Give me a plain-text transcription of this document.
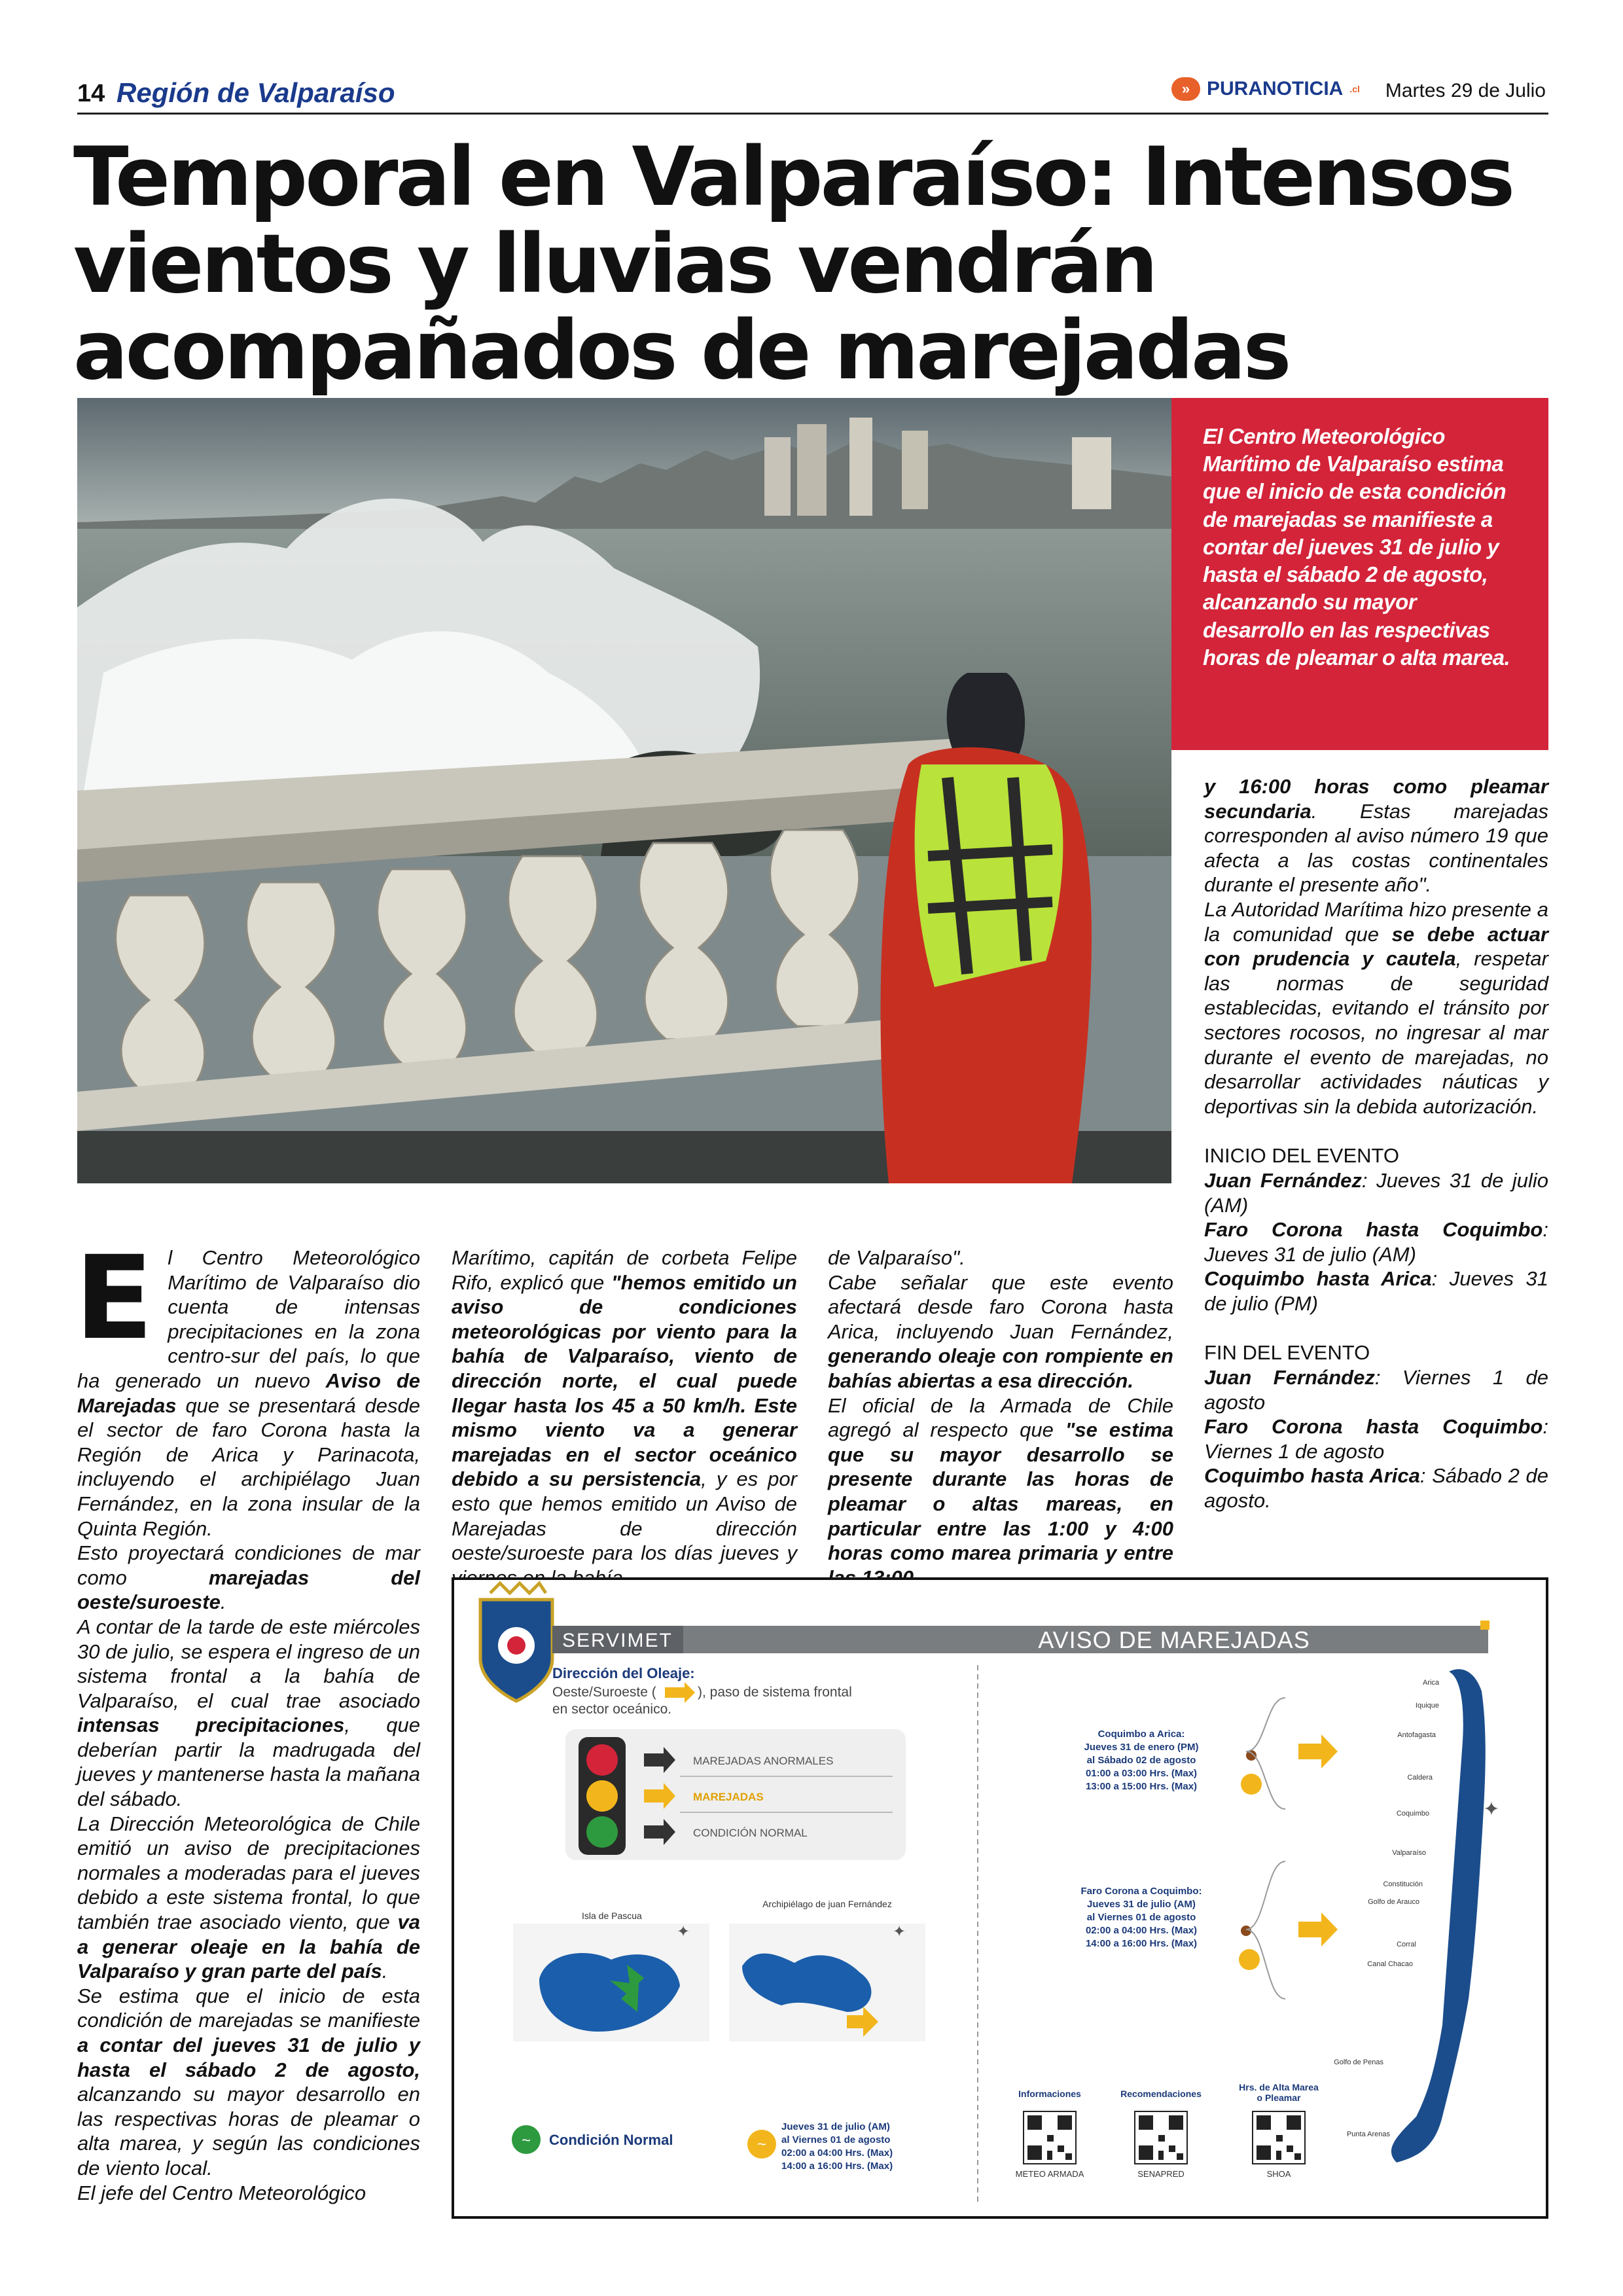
14 Región de Valparaíso	» PURANOTICIA .cl Martes 29 de Julio
Temporal en Valparaíso: Intensos vientos y lluvias vendrán acompañados de marejadas
El Centro Meteorológico Marítimo de Valparaíso estima que el inicio de esta condición de marejadas se manifieste a contar del jueves 31 de julio y hasta el sábado 2 de agosto, alcanzando su mayor desarrollo en las respectivas horas de pleamar o alta marea.

El Centro Meteorológico Marítimo de Valparaíso dio cuenta de intensas precipitaciones en la zona centro-sur del país, lo que ha generado un nuevo Aviso de Marejadas que se presentará desde el sector de faro Corona hasta la Región de Arica y Parinacota, incluyendo el archipiélago Juan Fernández, en la zona insular de la Quinta Región.

Esto proyectará condiciones de mar como marejadas del oeste/suroeste.

A contar de la tarde de este miércoles 30 de julio, se espera el ingreso de un sistema frontal a la bahía de Valparaíso, el cual trae asociado intensas precipitaciones, que deberían partir la madrugada del jueves y mantenerse hasta la mañana del sábado.

La Dirección Meteorológica de Chile emitió un aviso de precipitaciones normales a moderadas para el jueves debido a este sistema frontal, lo que también trae asociado viento, que va a generar oleaje en la bahía de Valparaíso y gran parte del país.

Se estima que el inicio de esta condición de marejadas se manifieste a contar del jueves 31 de julio y hasta el sábado 2 de agosto, alcanzando su mayor desarrollo en las respectivas horas de pleamar o alta marea, y según las condiciones de viento local.

El jefe del Centro Meteorológico

Marítimo, capitán de corbeta Felipe Rifo, explicó que "hemos emitido un aviso de condiciones meteorológicas por viento para la bahía de Valparaíso, viento de dirección norte, el cual puede llegar hasta los 45 a 50 km/h. Este mismo viento va a generar marejadas en el sector oceánico debido a su persistencia, y es por esto que hemos emitido un Aviso de Marejadas de dirección oeste/suroeste para los días jueves y

de Valparaíso".

Cabe señalar que este evento afectará desde faro Corona hasta Arica, incluyendo Juan Fernández, generando oleaje con rompiente en bahías abiertas a esa dirección.

El oficial de la Armada de Chile agregó al respecto que "se estima que su mayor desarrollo se presente durante las horas de pleamar o altas mareas, en particular entre las 1:00 y 4:00 horas como marea primaria y entre

y 16:00 horas como pleamar secundaria. Estas marejadas corresponden al aviso número 19 que afecta a las costas continentales durante el presente año".

La Autoridad Marítima hizo presente a la comunidad que se debe actuar con prudencia y cautela, respetar las normas de seguridad establecidas, evitando el tránsito por sectores rocosos, no ingresar al mar durante el evento de marejadas, no desarrollar actividades náuticas y deportivas sin la debida autorización.

INICIO DEL EVENTO

Juan Fernández: Jueves 31 de julio (AM)

Faro Corona hasta Coquimbo: Jueves 31 de julio (AM)

Coquimbo hasta Arica: Jueves 31 de julio (PM)

FIN DEL EVENTO

Juan Fernández: Viernes 1 de agosto

Faro Corona hasta Coquimbo: Viernes 1 de agosto

Coquimbo hasta Arica: Sábado 2 de agosto.

SERVIMET	AVISO DE MAREJADAS
Dirección del Oleaje:
Oeste/Suroeste (	), paso de sistema frontal
en sector oceánico.
MAREJADAS ANORMALES
MAREJADAS
CONDICIÓN NORMAL
Isla de Pascua
✦
Archipiélago de juan Fernández
✦
~ Condición Normal	~
Jueves 31 de julio (AM)
al Viernes 01 de agosto
02:00 a 04:00 Hrs. (Max)
14:00 a 16:00 Hrs. (Max)
Coquimbo a Arica:
Jueves 31 de enero (PM)
al Sábado 02 de agosto
01:00 a 03:00 Hrs. (Max)
13:00 a 15:00 Hrs. (Max)
Faro Corona a Coquimbo:
Jueves 31 de julio (AM)
al Viernes 01 de agosto
02:00 a 04:00 Hrs. (Max)
14:00 a 16:00 Hrs. (Max)
✦
Arica
Iquique
Antofagasta
Caldera
Coquimbo
Valparaíso
Constitución
Golfo de Arauco
Corral
Canal Chacao
Golfo de Penas
Punta Arenas
Informaciones	Recomendaciones
Hrs. de Alta Marea
o Pleamar
METEO ARMADA	SENAPRED	SHOA
